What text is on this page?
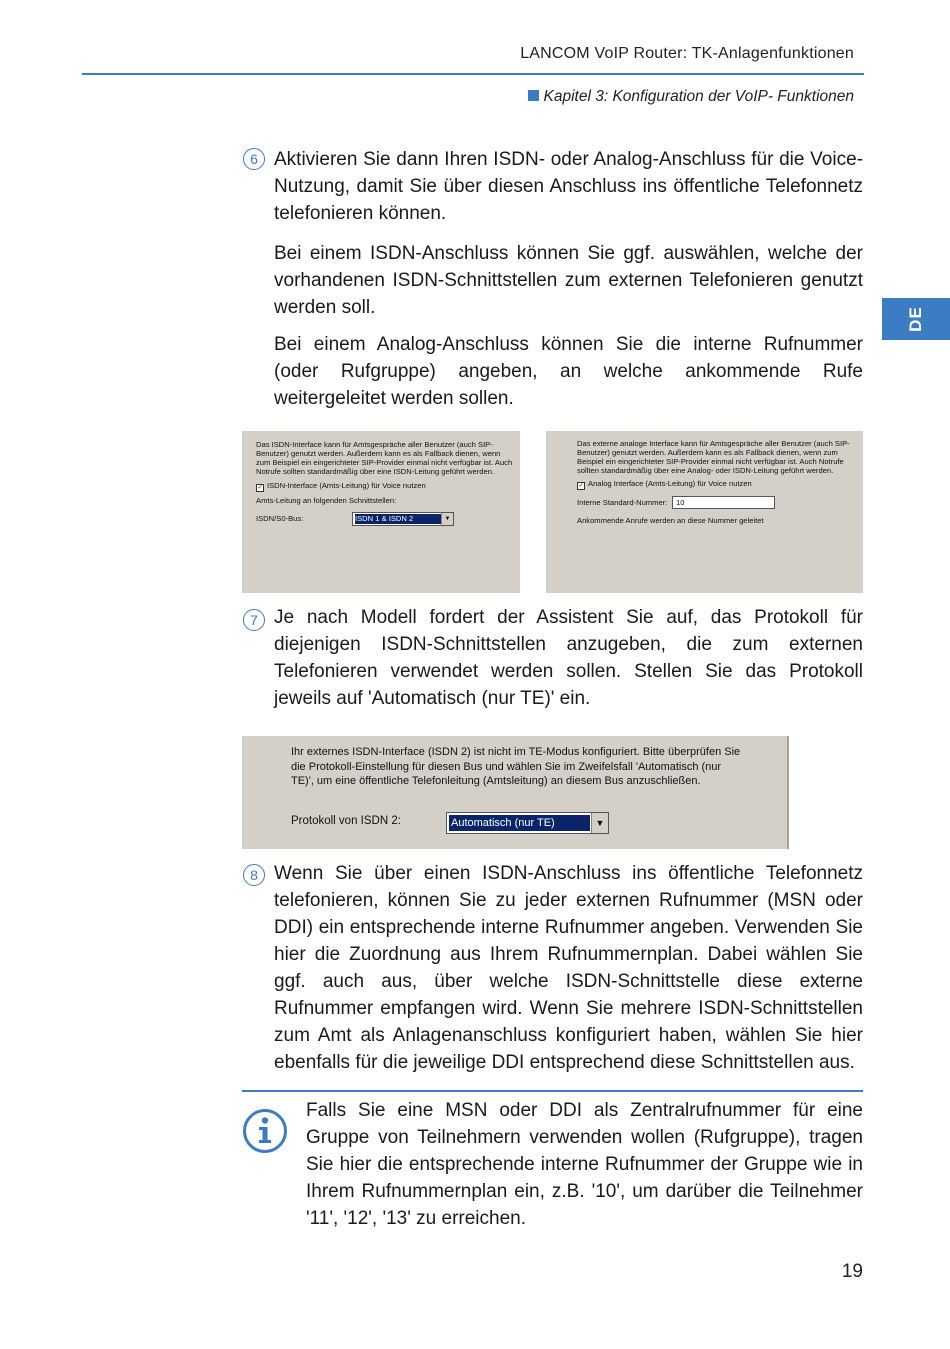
LANCOM VoIP Router: TK-Anlagenfunktionen
Kapitel 3: Konfiguration der VoIP- Funktionen
DE
6 Aktivieren Sie dann Ihren ISDN- oder Analog-Anschluss für die Voice-Nutzung, damit Sie über diesen Anschluss ins öffentliche Telefonnetz telefonieren können.
Bei einem ISDN-Anschluss können Sie ggf. auswählen, welche der vorhandenen ISDN-Schnittstellen zum externen Telefonieren genutzt werden soll.
Bei einem Analog-Anschluss können Sie die interne Rufnummer (oder Rufgruppe) angeben, an welche ankommende Rufe weitergeleitet werden sollen.
Das ISDN-Interface kann für Amtsgespräche aller Benutzer (auch SIP-Benutzer) genutzt werden. Außerdem kann es als Fallback dienen, wenn zum Beispiel ein eingerichteter SIP-Provider einmal nicht verfügbar ist. Auch Notrufe sollten standardmäßig über eine ISDN-Leitung geführt werden.
✓ ISDN-Interface (Amts-Leitung) für Voice nutzen
Amts-Leitung an folgenden Schnittstellen:
ISDN/S0-Bus:	ISDN 1 & ISDN 2	▼
Das externe analoge Interface kann für Amtsgespräche aller Benutzer (auch SIP-Benutzer) genutzt werden. Außerdem kann es als Fallback dienen, wenn zum Beispiel ein eingerichteter SIP-Provider einmal nicht verfügbar ist. Auch Notrufe sollten standardmäßig über eine Analog- oder ISDN-Leitung geführt werden.
✓ Analog Interface (Amts-Leitung) für Voice nutzen
Interne Standard-Nummer: 10
Ankommende Anrufe werden an diese Nummer geleitet
7 Je nach Modell fordert der Assistent Sie auf, das Protokoll für diejenigen ISDN-Schnittstellen anzugeben, die zum externen Telefonieren verwendet werden sollen. Stellen Sie das Protokoll jeweils auf 'Automatisch (nur TE)' ein.
Ihr externes ISDN-Interface (ISDN 2) ist nicht im TE-Modus konfiguriert. Bitte überprüfen Sie die Protokoll-Einstellung für diesen Bus und wählen Sie im Zweifelsfall 'Automatisch (nur TE)', um eine öffentliche Telefonleitung (Amtsleitung) an diesem Bus anzuschließen.
Protokoll von ISDN 2:	Automatisch (nur TE)	▼
8 Wenn Sie über einen ISDN-Anschluss ins öffentliche Telefonnetz telefonieren, können Sie zu jeder externen Rufnummer (MSN oder DDI) ein entsprechende interne Rufnummer angeben. Verwenden Sie hier die Zuordnung aus Ihrem Rufnummernplan. Dabei wählen Sie ggf. auch aus, über welche ISDN-Schnittstelle diese externe Rufnummer empfangen wird. Wenn Sie mehrere ISDN-Schnittstellen zum Amt als Anlagenanschluss konfiguriert haben, wählen Sie hier ebenfalls für die jeweilige DDI entsprechend diese Schnittstellen aus.
Falls Sie eine MSN oder DDI als Zentralrufnummer für eine Gruppe von Teilnehmern verwenden wollen (Rufgruppe), tragen Sie hier die entsprechende interne Rufnummer der Gruppe wie in Ihrem Rufnummernplan ein, z.B. '10', um darüber die Teilnehmer '11', '12', '13' zu erreichen.
19
